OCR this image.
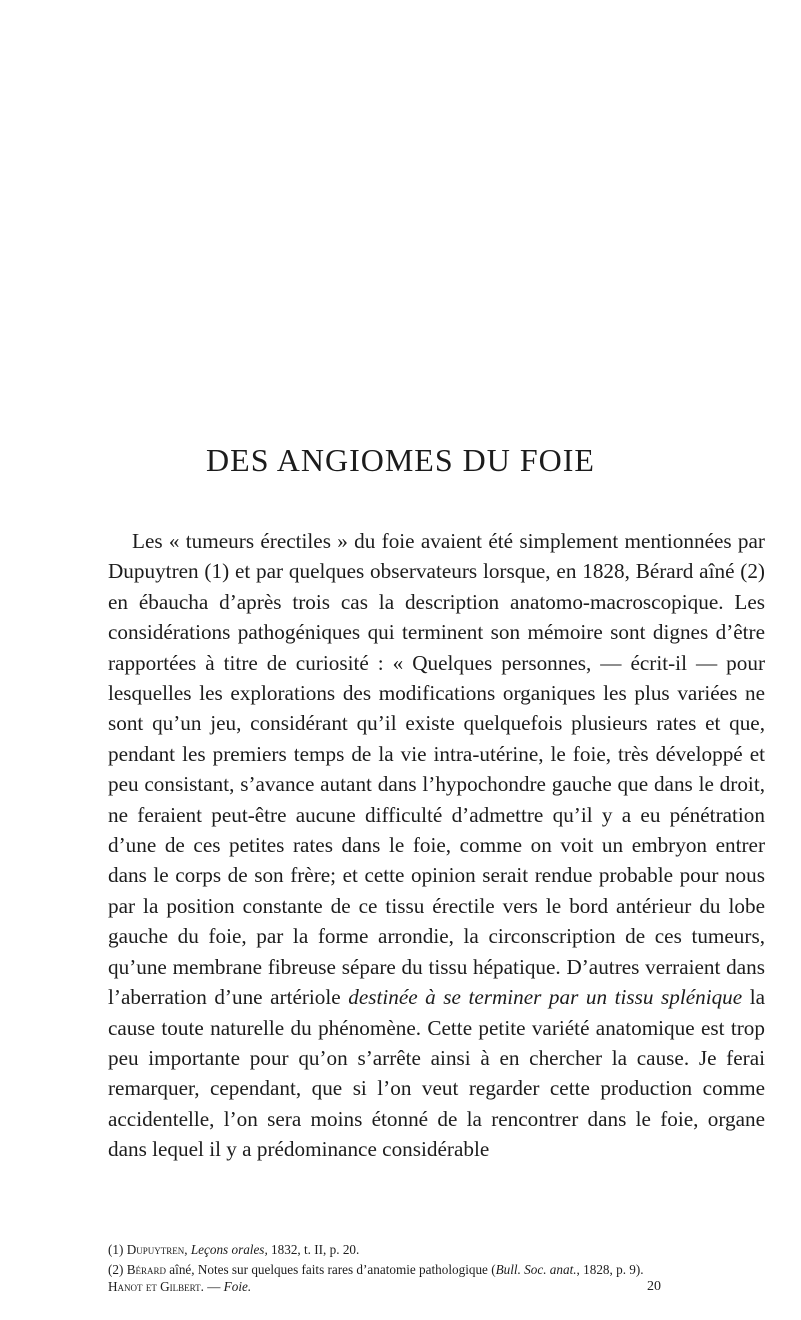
DES ANGIOMES DU FOIE

Les « tumeurs érectiles » du foie avaient été simplement mentionnées par Dupuytren (1) et par quelques observateurs lorsque, en 1828, Bérard aîné (2) en ébaucha d’après trois cas la description anatomo-macroscopique. Les considérations pathogéniques qui terminent son mémoire sont dignes d’être rapportées à titre de curiosité : « Quelques personnes, — écrit-il — pour lesquelles les explorations des modifications organiques les plus variées ne sont qu’un jeu, considérant qu’il existe quelquefois plusieurs rates et que, pendant les premiers temps de la vie intra-utérine, le foie, très développé et peu consistant, s’avance autant dans l’hypochondre gauche que dans le droit, ne feraient peut-être aucune difficulté d’admettre qu’il y a eu pénétration d’une de ces petites rates dans le foie, comme on voit un embryon entrer dans le corps de son frère; et cette opinion serait rendue probable pour nous par la position constante de ce tissu érectile vers le bord antérieur du lobe gauche du foie, par la forme arrondie, la circonscription de ces tumeurs, qu’une membrane fibreuse sépare du tissu hépatique. D’autres verraient dans l’aberration d’une artériole destinée à se terminer par un tissu splénique la cause toute naturelle du phénomène. Cette petite variété anatomique est trop peu importante pour qu’on s’arrête ainsi à en chercher la cause. Je ferai remarquer, cependant, que si l’on veut regarder cette production comme accidentelle, l’on sera moins étonné de la rencontrer dans le foie, organe dans lequel il y a prédominance considérable

(1) Dupuytren, Leçons orales, 1832, t. II, p. 20.

(2) Bérard aîné, Notes sur quelques faits rares d’anatomie pathologique (Bull. Soc. anat., 1828, p. 9).

Hanot et Gilbert. — Foie.	20
